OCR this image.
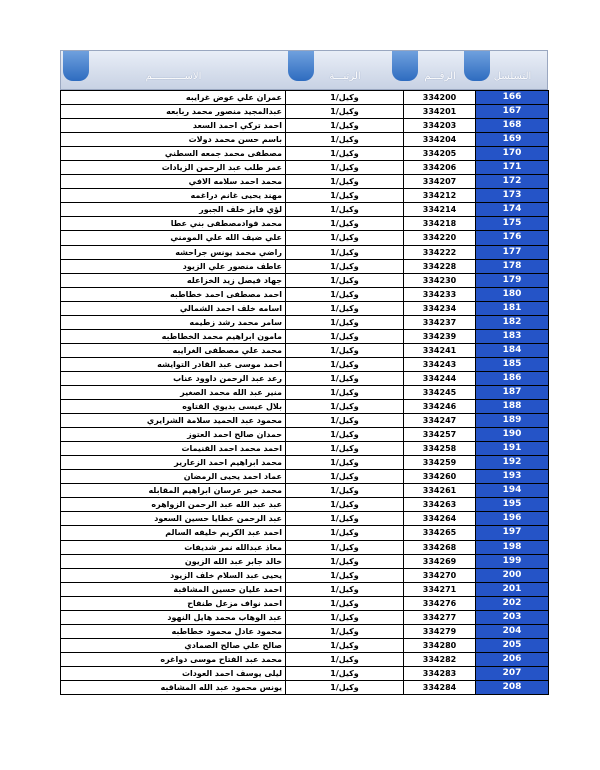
الاســـــــــــم	الرتبـــة	الرقـــم	التسلسل
عمران علي عوض غرايبه	وكيل/1	334200	166
عبدالمجيد منصور محمد ربابعه	وكيل/1	334201	167
احمد تركي احمد السعد	وكيل/1	334203	168
باسم حسن محمد دولات	وكيل/1	334204	169
مصطفى محمد جمعه السطني	وكيل/1	334205	170
عمر طلب عبد الرحمن الزيادات	وكيل/1	334206	171
محمد احمد سلامه الافي	وكيل/1	334207	172
مهند يحيى غانم دراغمه	وكيل/1	334212	173
لؤي فايز خلف الجبور	وكيل/1	334214	174
محمد فوادمصطفى بني عطا	وكيل/1	334218	175
علي ضيف الله علي المومني	وكيل/1	334220	176
راضي محمد يونس جراحشه	وكيل/1	334222	177
عاطف منصور علي الزيود	وكيل/1	334228	178
جهاد فيصل زيد الخزاعله	وكيل/1	334230	179
احمد مصطفى احمد خطاطبه	وكيل/1	334233	180
اسامه خلف احمد الشمالي	وكيل/1	334234	181
سامر محمد رشد زطيمه	وكيل/1	334237	182
مامون ابراهيم محمد الخطاطبه	وكيل/1	334239	183
محمد علي مصطفى الغرايبه	وكيل/1	334241	184
احمد موسى عبد القادر التوايشه	وكيل/1	334243	185
رعد عبد الرحمن داوود عناب	وكيل/1	334244	186
منير عبد الله محمد الصغير	وكيل/1	334245	187
بلال عيسى بديوي القتاوه	وكيل/1	334246	188
محمود عبد الحميد سلامة الشرايري	وكيل/1	334247	189
حمدان صالح احمد العتوز	وكيل/1	334257	190
احمد محمد احمد القنيمات	وكيل/1	334258	191
محمد ابراهيم احمد الزعارير	وكيل/1	334259	192
عماد احمد يحيى الرمضان	وكيل/1	334260	193
محمد خير عرسان ابراهيم المقابله	وكيل/1	334261	194
عبد عبد الله عبد الرحمن الزواهره	وكيل/1	334263	195
عبد الرحمن عطايا حسين السعود	وكيل/1	334264	196
احمد عبد الكريم خليفه السالم	وكيل/1	334265	197
معاذ عبدالله نمر شديفات	وكيل/1	334268	198
خالد جابر عبد الله الزيون	وكيل/1	334269	199
يحيى عبد السلام خلف الزيود	وكيل/1	334270	200
احمد عليان حسين المشاقبة	وكيل/1	334271	201
احمد نواف مزعل طنفاح	وكيل/1	334276	202
عبد الوهاب محمد هايل النهود	وكيل/1	334277	203
محمود عادل محمود خطاطبه	وكيل/1	334279	204
صالح علي صالح الصمادي	وكيل/1	334280	205
محمد عبد الفتاح موسى دواغره	وكيل/1	334282	206
ليلى يوسف احمد العودات	وكيل/1	334283	207
يونس محمود عبد الله المشاقبه	وكيل/1	334284	208
